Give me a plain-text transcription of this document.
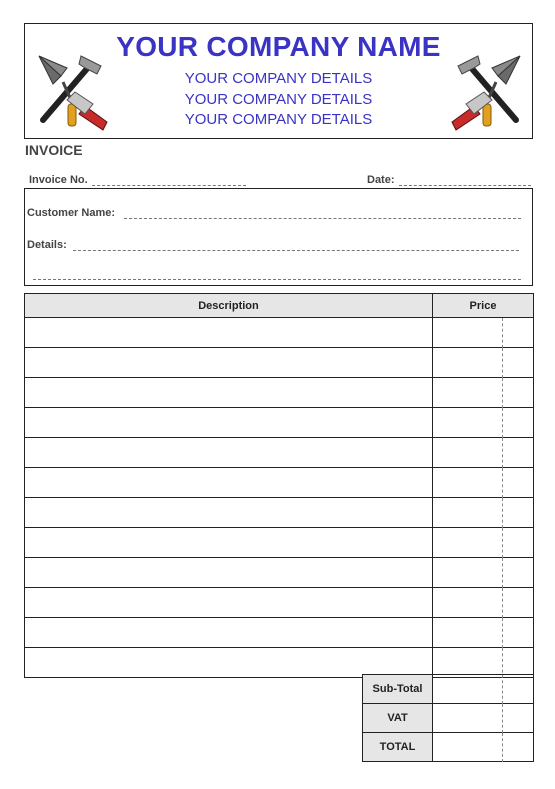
YOUR COMPANY NAME
YOUR COMPANY DETAILS
YOUR COMPANY DETAILS
YOUR COMPANY DETAILS
INVOICE
Invoice No.	Date:
Customer Name:
Details:
Description	Price

Sub-Total	
VAT	
TOTAL	
